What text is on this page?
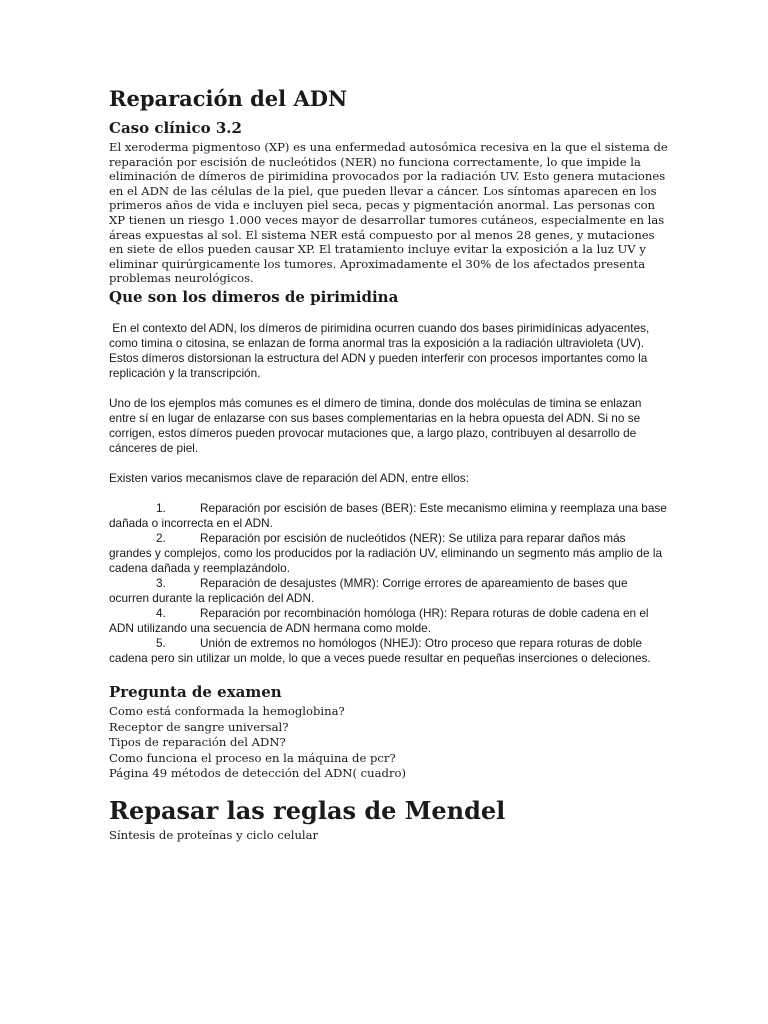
Reparación del ADN
Caso clínico 3.2

El xeroderma pigmentoso (XP) es una enfermedad autosómica recesiva en la que el sistema de reparación por escisión de nucleótidos (NER) no funciona correctamente, lo que impide la eliminación de dímeros de pirimidina provocados por la radiación UV. Esto genera mutaciones en el ADN de las células de la piel, que pueden llevar a cáncer. Los síntomas aparecen en los primeros años de vida e incluyen piel seca, pecas y pigmentación anormal. Las personas con XP tienen un riesgo 1.000 veces mayor de desarrollar tumores cutáneos, especialmente en las áreas expuestas al sol. El sistema NER está compuesto por al menos 28 genes, y mutaciones en siete de ellos pueden causar XP. El tratamiento incluye evitar la exposición a la luz UV y eliminar quirúrgicamente los tumores. Aproximadamente el 30% de los afectados presenta problemas neurológicos.

Que son los dimeros de pirimidina

En el contexto del ADN, los dímeros de pirimidina ocurren cuando dos bases pirimidínicas adyacentes, como timina o citosina, se enlazan de forma anormal tras la exposición a la radiación ultravioleta (UV). Estos dímeros distorsionan la estructura del ADN y pueden interferir con procesos importantes como la replicación y la transcripción.

Uno de los ejemplos más comunes es el dímero de timina, donde dos moléculas de timina se enlazan entre sí en lugar de enlazarse con sus bases complementarias en la hebra opuesta del ADN. Si no se corrigen, estos dímeros pueden provocar mutaciones que, a largo plazo, contribuyen al desarrollo de cánceres de piel.

Existen varios mecanismos clave de reparación del ADN, entre ellos:

1.	Reparación por escisión de bases (BER): Este mecanismo elimina y reemplaza una base dañada o incorrecta en el ADN.
2.	Reparación por escisión de nucleótidos (NER): Se utiliza para reparar daños más grandes y complejos, como los producidos por la radiación UV, eliminando un segmento más amplio de la cadena dañada y reemplazándolo.
3.	Reparación de desajustes (MMR): Corrige errores de apareamiento de bases que ocurren durante la replicación del ADN.
4.	Reparación por recombinación homóloga (HR): Repara roturas de doble cadena en el ADN utilizando una secuencia de ADN hermana como molde.
5.	Unión de extremos no homólogos (NHEJ): Otro proceso que repara roturas de doble cadena pero sin utilizar un molde, lo que a veces puede resultar en pequeñas inserciones o deleciones.
Pregunta de examen
Como está conformada la hemoglobina?
Receptor de sangre universal?
Tipos de reparación del ADN?
Como funciona el proceso en la máquina de pcr?
Página 49 métodos de detección del ADN( cuadro)
Repasar las reglas de Mendel

Síntesis de proteínas y ciclo celular
